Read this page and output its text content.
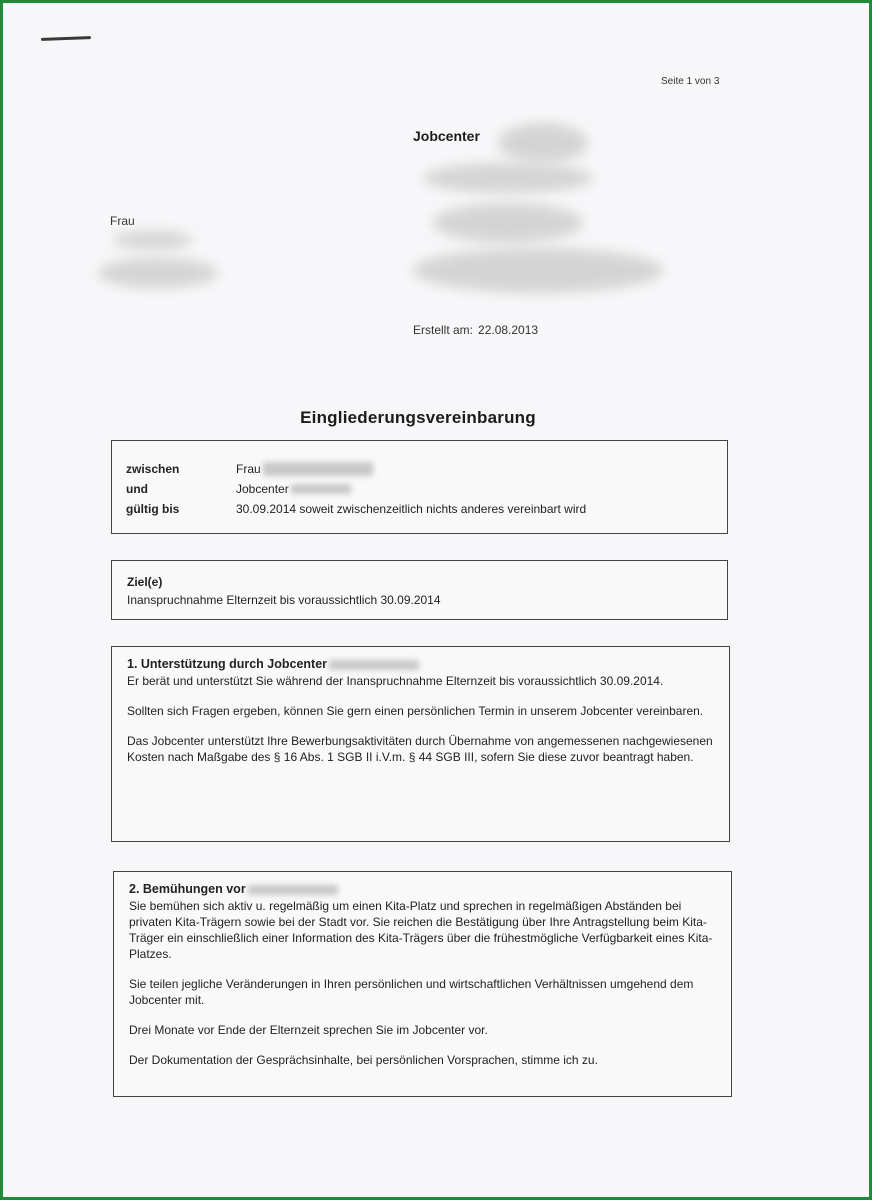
Seite 1 von 3
Jobcenter
Frau
Erstellt am: 22.08.2013
Eingliederungsvereinbarung
zwischen	Frau
und	Jobcenter
gültig bis	30.09.2014 soweit zwischenzeitlich nichts anderes vereinbart wird
Ziel(e)
Inanspruchnahme Elternzeit bis voraussichtlich 30.09.2014
1. Unterstützung durch Jobcenter

Er berät und unterstützt Sie während der Inanspruchnahme Elternzeit bis voraussichtlich 30.09.2014.

Sollten sich Fragen ergeben, können Sie gern einen persönlichen Termin in unserem Jobcenter vereinbaren.

Das Jobcenter unterstützt Ihre Bewerbungsaktivitäten durch Übernahme von angemessenen nachgewiesenen Kosten nach Maßgabe des § 16 Abs. 1 SGB II i.V.m. § 44 SGB III, sofern Sie diese zuvor beantragt haben.

2. Bemühungen vor

Sie bemühen sich aktiv u. regelmäßig um einen Kita-Platz und sprechen in regelmäßigen Abständen bei privaten Kita-Trägern sowie bei der Stadt vor. Sie reichen die Bestätigung über Ihre Antragstellung beim Kita-Träger ein einschließlich einer Information des Kita-Trägers über die frühestmögliche Verfügbarkeit eines Kita-Platzes.

Sie teilen jegliche Veränderungen in Ihren persönlichen und wirtschaftlichen Verhältnissen umgehend dem Jobcenter mit.

Drei Monate vor Ende der Elternzeit sprechen Sie im Jobcenter vor.

Der Dokumentation der Gesprächsinhalte, bei persönlichen Vorsprachen, stimme ich zu.
